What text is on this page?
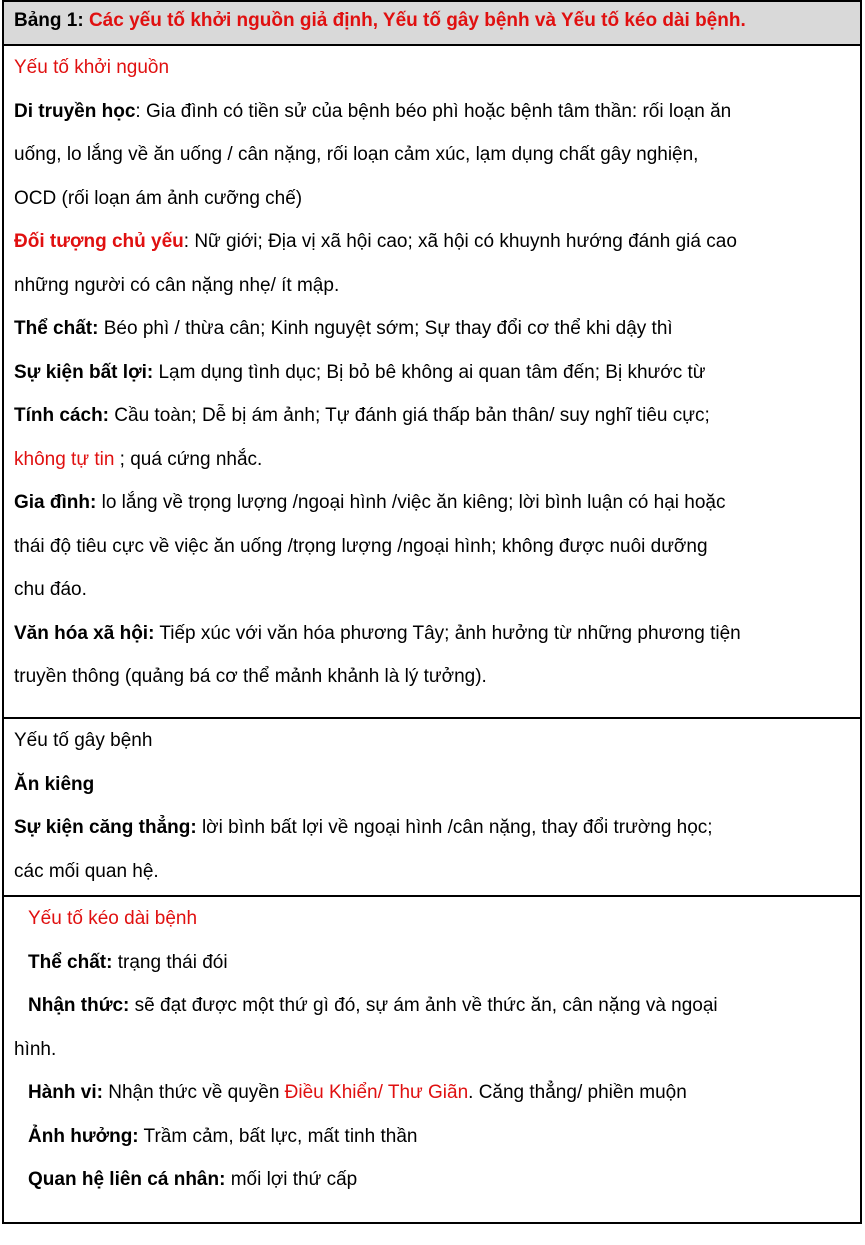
Bảng 1: Các yếu tố khởi nguồn giả định, Yếu tố gây bệnh và Yếu tố kéo dài bệnh.

Yếu tố khởi nguồn

Di truyền học: Gia đình có tiền sử của bệnh béo phì hoặc bệnh tâm thần: rối loạn ăn

uống, lo lắng về ăn uống / cân nặng, rối loạn cảm xúc, lạm dụng chất gây nghiện,

OCD (rối loạn ám ảnh cưỡng chế)

Đối tượng chủ yếu: Nữ giới; Địa vị xã hội cao; xã hội có khuynh hướng đánh giá cao

những người có cân nặng nhẹ/ ít mập.

Thể chất: Béo phì / thừa cân; Kinh nguyệt sớm; Sự thay đổi cơ thể khi dậy thì

Sự kiện bất lợi: Lạm dụng tình dục; Bị bỏ bê không ai quan tâm đến; Bị khước từ

Tính cách: Cầu toàn; Dễ bị ám ảnh; Tự đánh giá thấp bản thân/ suy nghĩ tiêu cực;

không tự tin ; quá cứng nhắc.

Gia đình: lo lắng về trọng lượng /ngoại hình /việc ăn kiêng; lời bình luận có hại hoặc

thái độ tiêu cực về việc ăn uống /trọng lượng /ngoại hình; không được nuôi dưỡng

chu đáo.

Văn hóa xã hội: Tiếp xúc với văn hóa phương Tây; ảnh hưởng từ những phương tiện

truyền thông (quảng bá cơ thể mảnh khảnh là lý tưởng).

Yếu tố gây bệnh

Ăn kiêng

Sự kiện căng thẳng: lời bình bất lợi về ngoại hình /cân nặng, thay đổi trường học;

các mối quan hệ.

Yếu tố kéo dài bệnh

Thể chất: trạng thái đói

Nhận thức: sẽ đạt được một thứ gì đó, sự ám ảnh về thức ăn, cân nặng và ngoại

hình.

Hành vi: Nhận thức về quyền Điều Khiển/ Thư Giãn. Căng thẳng/ phiền muộn

Ảnh hưởng: Trầm cảm, bất lực, mất tinh thần

Quan hệ liên cá nhân: mối lợi thứ cấp
